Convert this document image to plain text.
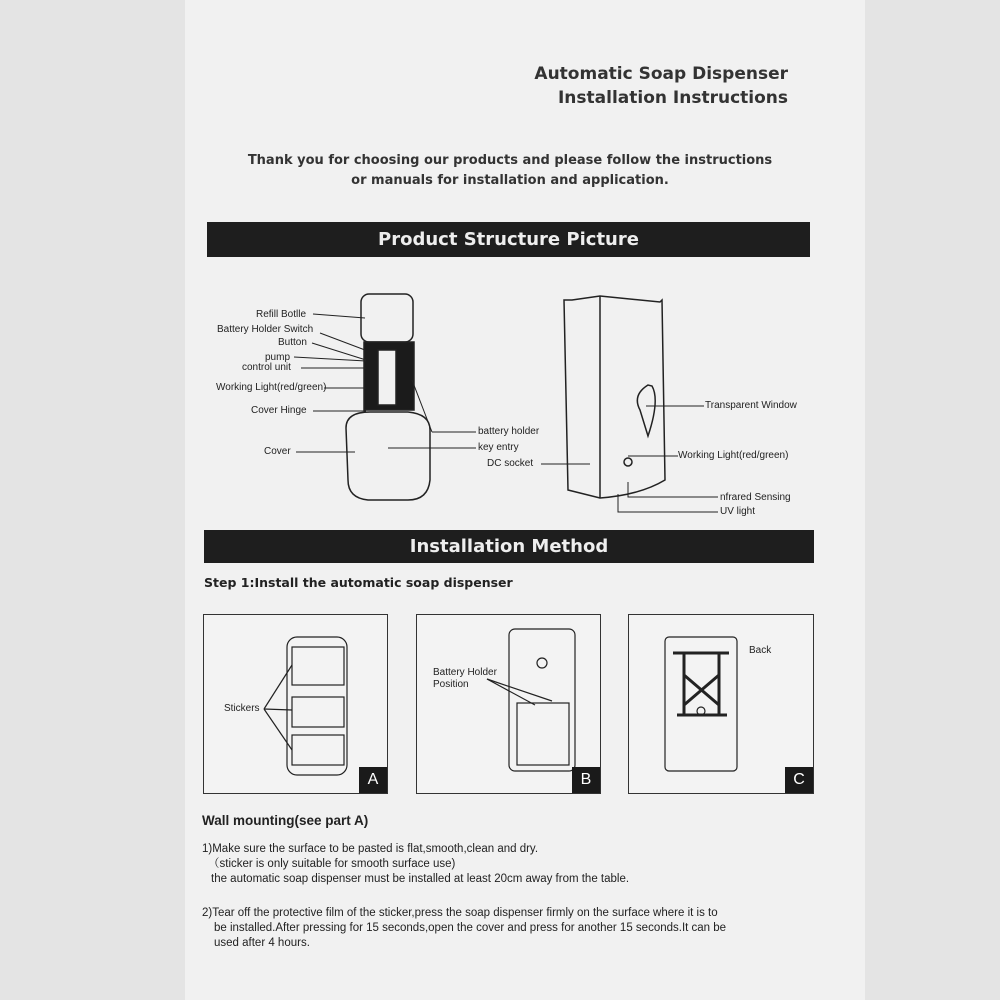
Automatic Soap Dispenser
Installation Instructions
Thank you for choosing our products and please follow the instructions
or manuals for installation and application.
Product Structure Picture
Refill Botlle
Battery Holder Switch
Button
pump
control unit
Working Light(red/green)
Cover Hinge
Cover
battery holder
key entry
DC socket
Transparent Window
Working Light(red/green)
nfrared Sensing
UV light
Installation Method
Step 1:Install the automatic soap dispenser
Stickers
A
Battery Holder
Position
B
Back
C
Wall mounting(see part A)
1)Make sure the surface to be pasted is flat,smooth,clean and dry.
（sticker is only suitable for smooth surface use)
the automatic soap dispenser must be installed at least 20cm away from the table.
2)Tear off the protective film of the sticker,press the soap dispenser firmly on the surface where it is to
be installed.After pressing for 15 seconds,open the cover and press for another 15 seconds.It can be
used after 4 hours.
